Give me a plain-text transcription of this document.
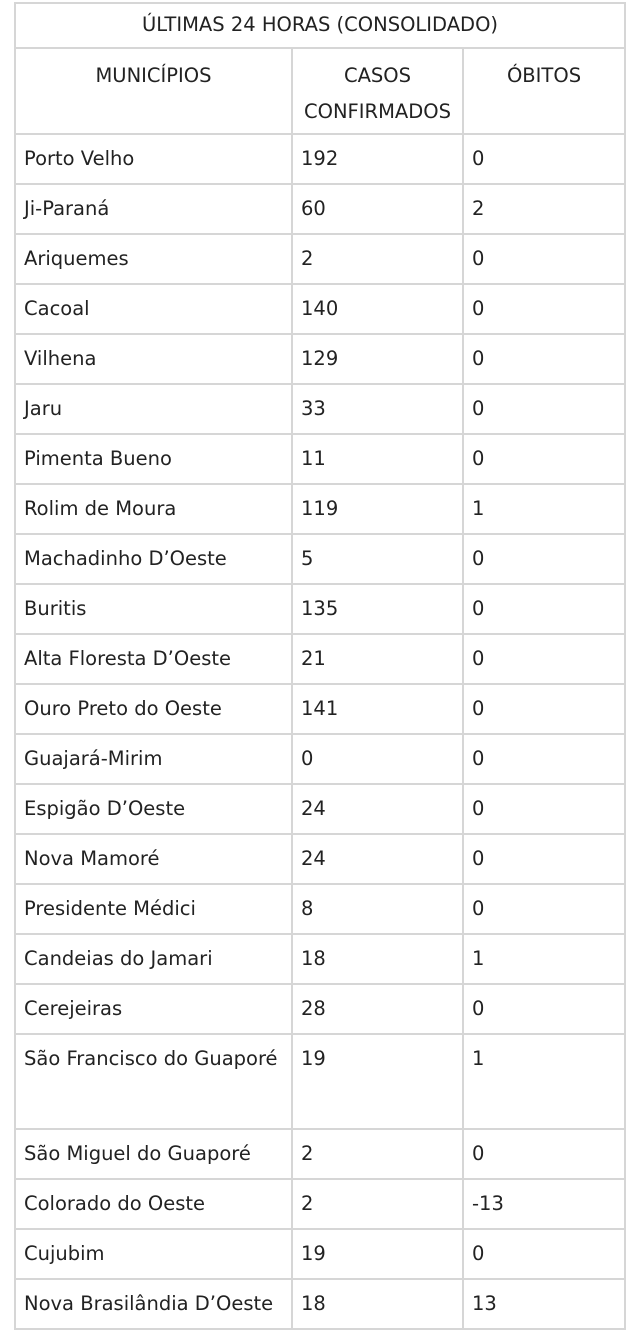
ÚLTIMAS 24 HORAS (CONSOLIDADO)		
MUNICÍPIOS	CASOS CONFIRMADOS	ÓBITOS
Porto Velho	192	0
Ji-Paraná	60	2
Ariquemes	2	0
Cacoal	140	0
Vilhena	129	0
Jaru	33	0
Pimenta Bueno	11	0
Rolim de Moura	119	1
Machadinho D’Oeste	5	0
Buritis	135	0
Alta Floresta D’Oeste	21	0
Ouro Preto do Oeste	141	0
Guajará-Mirim	0	0
Espigão D’Oeste	24	0
Nova Mamoré	24	0
Presidente Médici	8	0
Candeias do Jamari	18	1
Cerejeiras	28	0
São Francisco do Guaporé	19	1
São Miguel do Guaporé	2	0
Colorado do Oeste	2	-13
Cujubim	19	0
Nova Brasilândia D’Oeste	18	13
